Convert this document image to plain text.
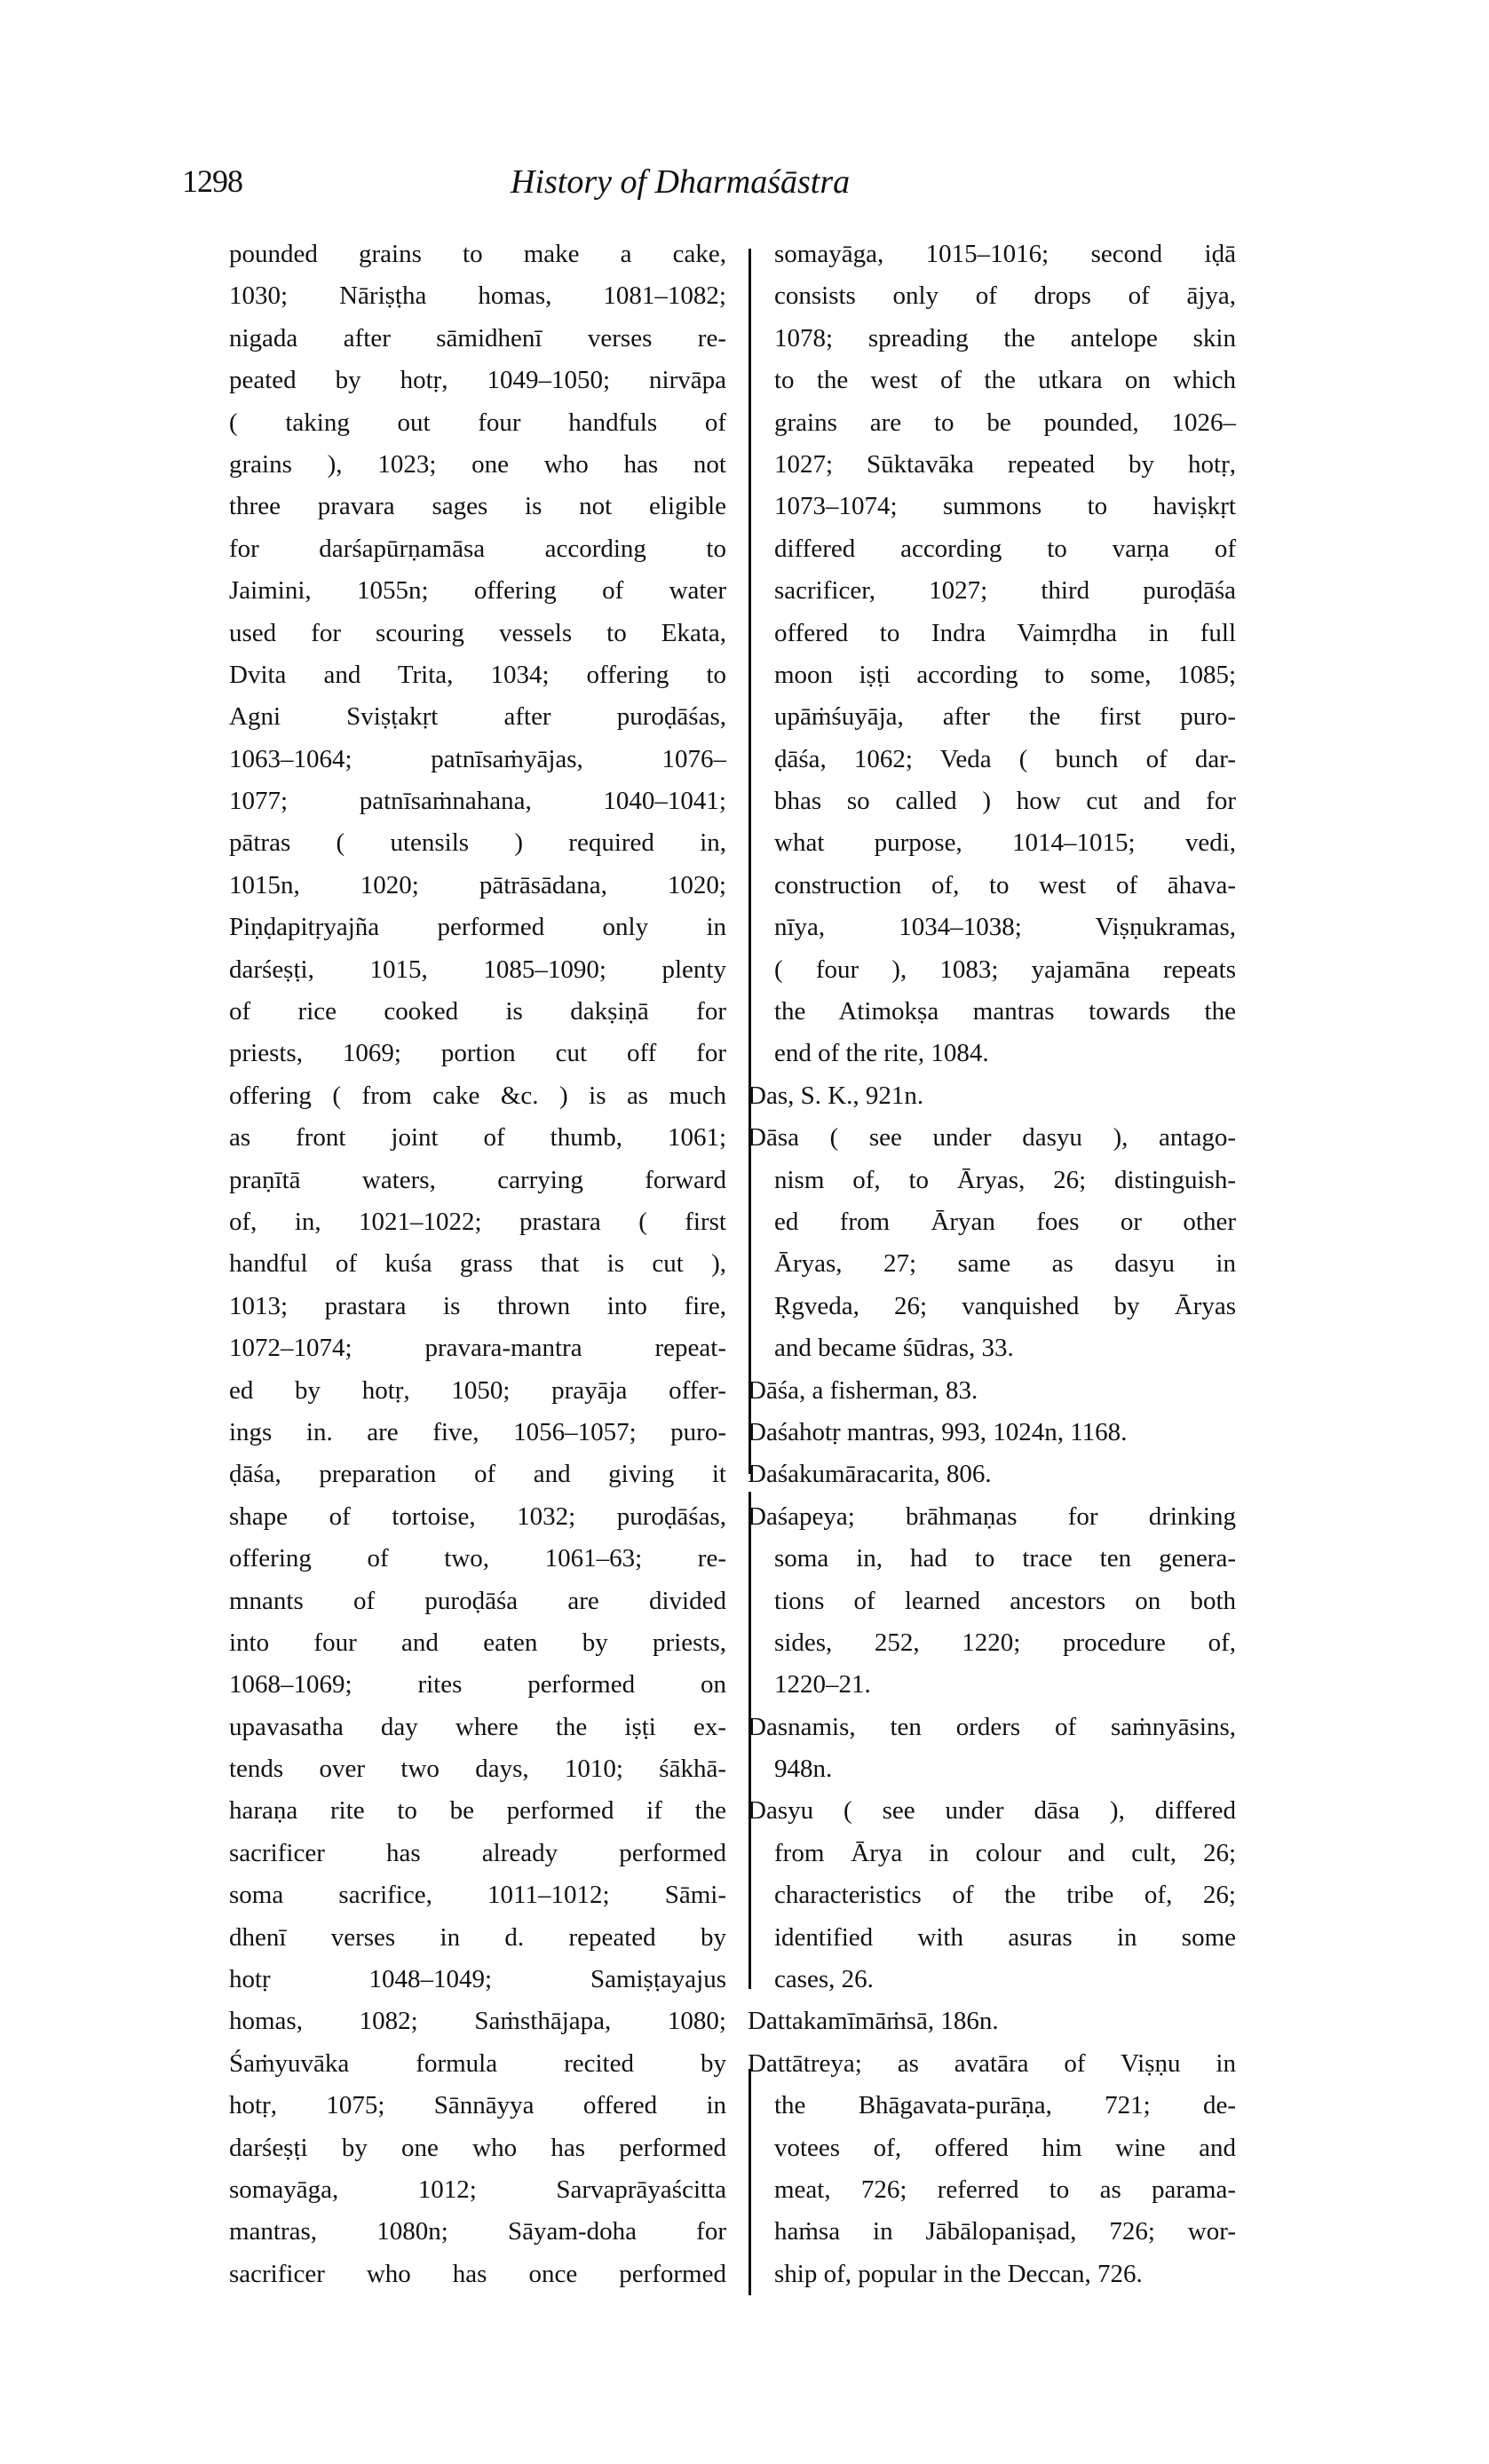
1298	History of Dharmaśāstra
pounded grains to make a cake,
1030; Nāriṣṭha homas, 1081–1082;
nigada after sāmidhenī verses re-
peated by hotṛ, 1049–1050; nirvāpa
( taking out four handfuls of
grains ), 1023; one who has not
three pravara sages is not eligible
for darśapūrṇamāsa according to
Jaimini, 1055n; offering of water
used for scouring vessels to Ekata,
Dvita and Trita, 1034; offering to
Agni Sviṣṭakṛt after puroḍāśas,
1063–1064; patnīsaṁyājas, 1076–
1077; patnīsaṁnahana, 1040–1041;
pātras ( utensils ) required in,
1015n, 1020; pātrāsādana, 1020;
Piṇḍapitṛyajña performed only in
darśeṣṭi, 1015, 1085–1090; plenty
of rice cooked is dakṣiṇā for
priests, 1069; portion cut off for
offering ( from cake &c. ) is as much
as front joint of thumb, 1061;
praṇītā waters, carrying forward
of, in, 1021–1022; prastara ( first
handful of kuśa grass that is cut ),
1013; prastara is thrown into fire,
1072–1074; pravara-mantra repeat-
ed by hotṛ, 1050; prayāja offer-
ings in. are five, 1056–1057; puro-
ḍāśa, preparation of and giving it
shape of tortoise, 1032; puroḍāśas,
offering of two, 1061–63; re-
mnants of puroḍāśa are divided
into four and eaten by priests,
1068–1069; rites performed on
upavasatha day where the iṣṭi ex-
tends over two days, 1010; śākhā-
haraṇa rite to be performed if the
sacrificer has already performed
soma sacrifice, 1011–1012; Sāmi-
dhenī verses in d. repeated by
hotṛ 1048–1049; Samiṣṭayajus
homas, 1082; Saṁsthājapa, 1080;
Śaṁyuvāka formula recited by
hotṛ, 1075; Sānnāyya offered in
darśeṣṭi by one who has performed
somayāga, 1012; Sarvaprāyaścitta
mantras, 1080n; Sāyam-doha for
sacrificer who has once performed
somayāga, 1015–1016; second iḍā
consists only of drops of ājya,
1078; spreading the antelope skin
to the west of the utkara on which
grains are to be pounded, 1026–
1027; Sūktavāka repeated by hotṛ,
1073–1074; summons to haviṣkṛt
differed according to varṇa of
sacrificer, 1027; third puroḍāśa
offered to Indra Vaimṛdha in full
moon iṣṭi according to some, 1085;
upāṁśuyāja, after the first puro-
ḍāśa, 1062; Veda ( bunch of dar-
bhas so called ) how cut and for
what purpose, 1014–1015; vedi,
construction of, to west of āhava-
nīya, 1034–1038; Viṣṇukramas,
( four ), 1083; yajamāna repeats
the Atimokṣa mantras towards the
end of the rite, 1084.
Das, S. K., 921n.
Dāsa ( see under dasyu ), antago-
nism of, to Āryas, 26; distinguish-
ed from Āryan foes or other
Āryas, 27; same as dasyu in
Ṛgveda, 26; vanquished by Āryas
and became śūdras, 33.
Dāśa, a fisherman, 83.
Daśahotṛ mantras, 993, 1024n, 1168.
Daśakumāracarita, 806.
Daśapeya; brāhmaṇas for drinking
soma in, had to trace ten genera-
tions of learned ancestors on both
sides, 252, 1220; procedure of,
1220–21.
Dasnamis, ten orders of saṁnyāsins,
948n.
Dasyu ( see under dāsa ), differed
from Ārya in colour and cult, 26;
characteristics of the tribe of, 26;
identified with asuras in some
cases, 26.
Dattakamīmāṁsā, 186n.
Dattātreya; as avatāra of Viṣṇu in
the Bhāgavata-purāṇa, 721; de-
votees of, offered him wine and
meat, 726; referred to as parama-
haṁsa in Jābālopaniṣad, 726; wor-
ship of, popular in the Deccan, 726.
